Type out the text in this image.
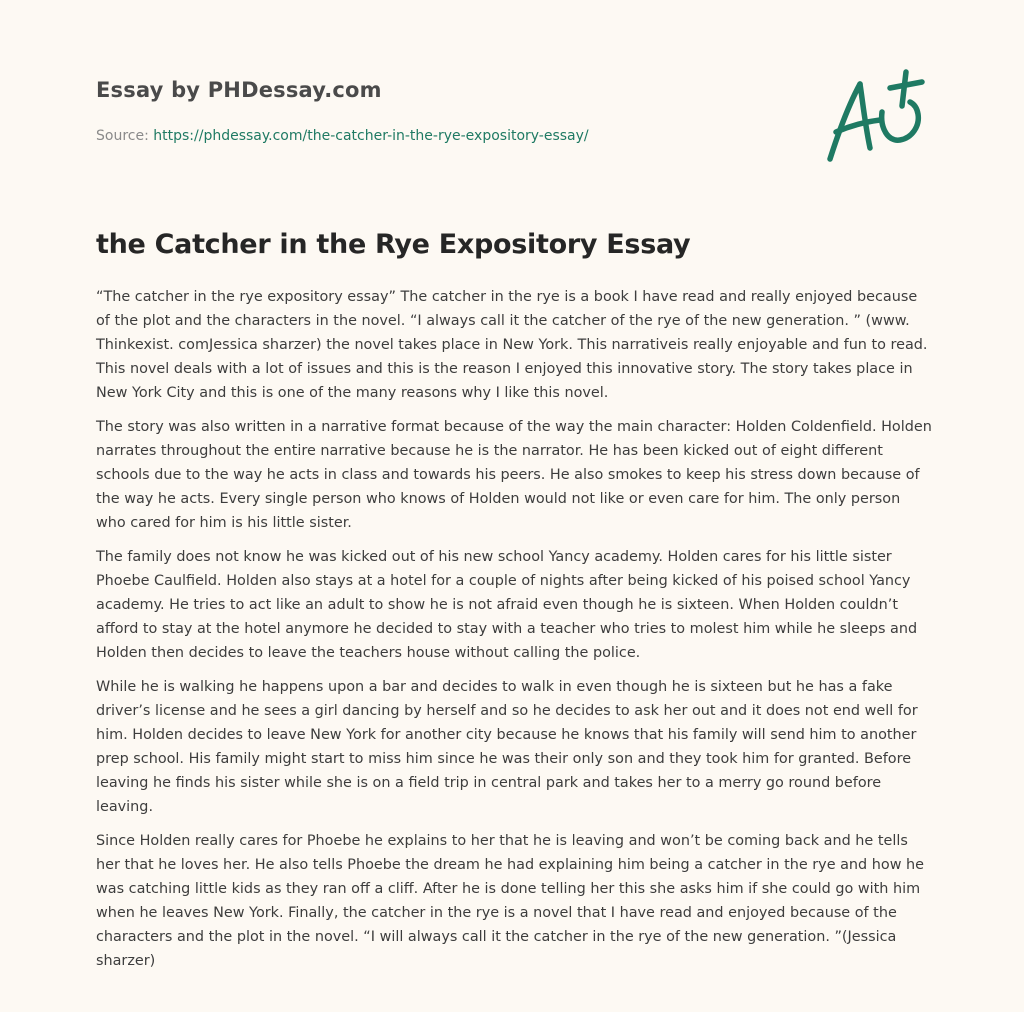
Essay by PHDessay.com
Source: https://phdessay.com/the-catcher-in-the-rye-expository-essay/
the Catcher in the Rye Expository Essay

“The catcher in the rye expository essay” The catcher in the rye is a book I have read and really enjoyed because of the plot and the characters in the novel. “I always call it the catcher of the rye of the new generation. ” (www. Thinkexist. comJessica sharzer) the novel takes place in New York. This narrativeis really enjoyable and fun to read. This novel deals with a lot of issues and this is the reason I enjoyed this innovative story. The story takes place in New York City and this is one of the many reasons why I like this novel.

The story was also written in a narrative format because of the way the main character: Holden Coldenfield. Holden narrates throughout the entire narrative because he is the narrator. He has been kicked out of eight different schools due to the way he acts in class and towards his peers. He also smokes to keep his stress down because of the way he acts. Every single person who knows of Holden would not like or even care for him. The only person who cared for him is his little sister.

The family does not know he was kicked out of his new school Yancy academy. Holden cares for his little sister Phoebe Caulfield. Holden also stays at a hotel for a couple of nights after being kicked of his poised school Yancy academy. He tries to act like an adult to show he is not afraid even though he is sixteen. When Holden couldn’t afford to stay at the hotel anymore he decided to stay with a teacher who tries to molest him while he sleeps and Holden then decides to leave the teachers house without calling the police.

While he is walking he happens upon a bar and decides to walk in even though he is sixteen but he has a fake driver’s license and he sees a girl dancing by herself and so he decides to ask her out and it does not end well for him. Holden decides to leave New York for another city because he knows that his family will send him to another prep school. His family might start to miss him since he was their only son and they took him for granted. Before leaving he finds his sister while she is on a field trip in central park and takes her to a merry go round before leaving.

Since Holden really cares for Phoebe he explains to her that he is leaving and won’t be coming back and he tells her that he loves her. He also tells Phoebe the dream he had explaining him being a catcher in the rye and how he was catching little kids as they ran off a cliff. After he is done telling her this she asks him if she could go with him when he leaves New York. Finally, the catcher in the rye is a novel that I have read and enjoyed because of the characters and the plot in the novel. “I will always call it the catcher in the rye of the new generation. ”(Jessica sharzer)
